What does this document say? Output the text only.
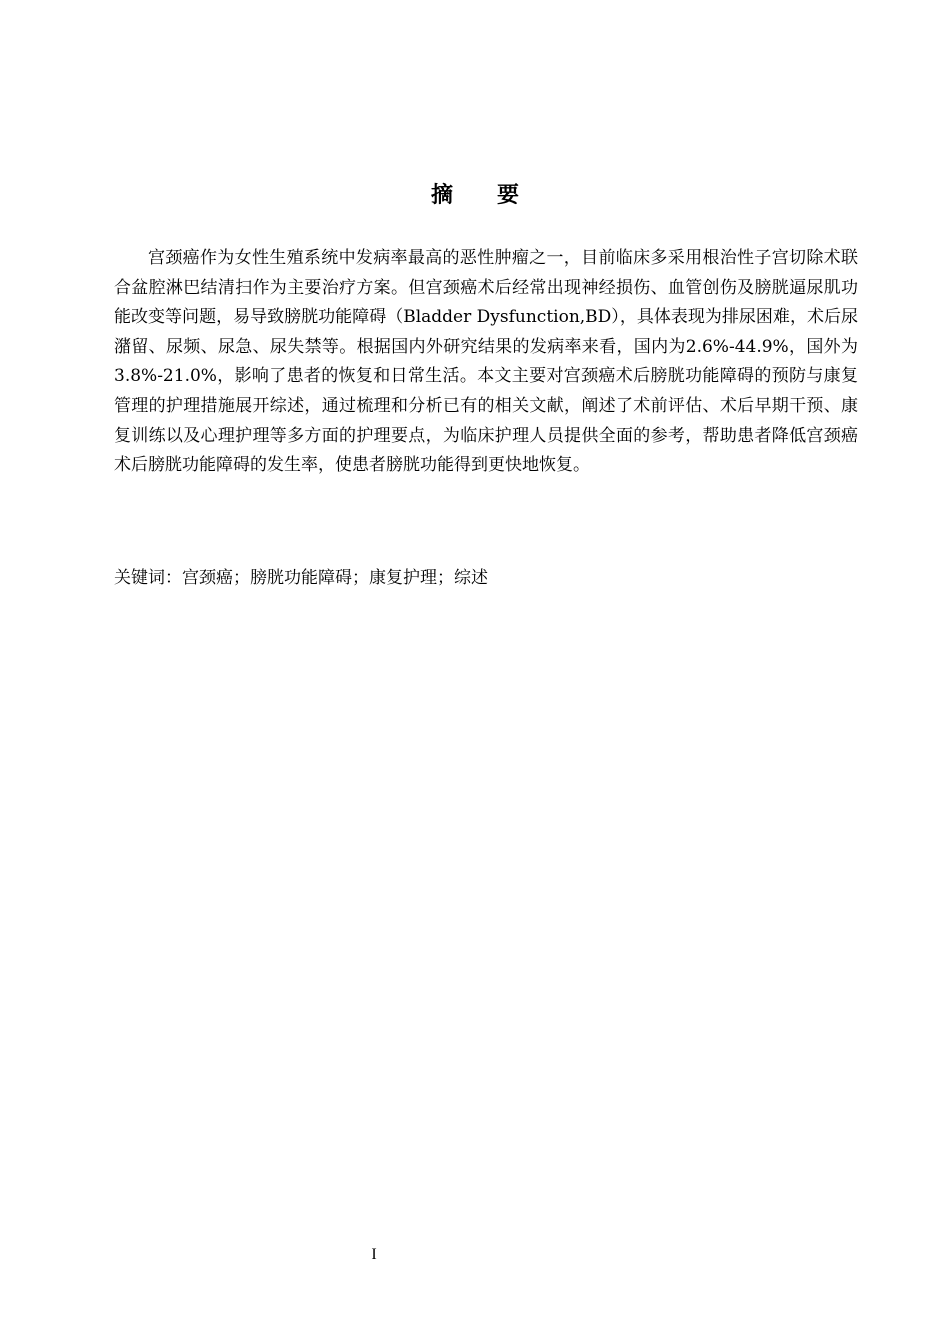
摘 要

宫颈癌作为女性生殖系统中发病率最高的恶性肿瘤之一，目前临床多采用根治性子宫切除术联合盆腔淋巴结清扫作为主要治疗方案。但宫颈癌术后经常出现神经损伤、血管创伤及膀胱逼尿肌功能改变等问题，易导致膀胱功能障碍（Bladder Dysfunction,BD），具体表现为排尿困难，术后尿潴留、尿频、尿急、尿失禁等。根据国内外研究结果的发病率来看，国内为2.6%-44.9%，国外为3.8%-21.0%，影响了患者的恢复和日常生活。本文主要对宫颈癌术后膀胱功能障碍的预防与康复管理的护理措施展开综述，通过梳理和分析已有的相关文献，阐述了术前评估、术后早期干预、康复训练以及心理护理等多方面的护理要点，为临床护理人员提供全面的参考，帮助患者降低宫颈癌术后膀胱功能障碍的发生率，使患者膀胱功能得到更快地恢复。

关键词：宫颈癌；膀胱功能障碍；康复护理；综述
I
